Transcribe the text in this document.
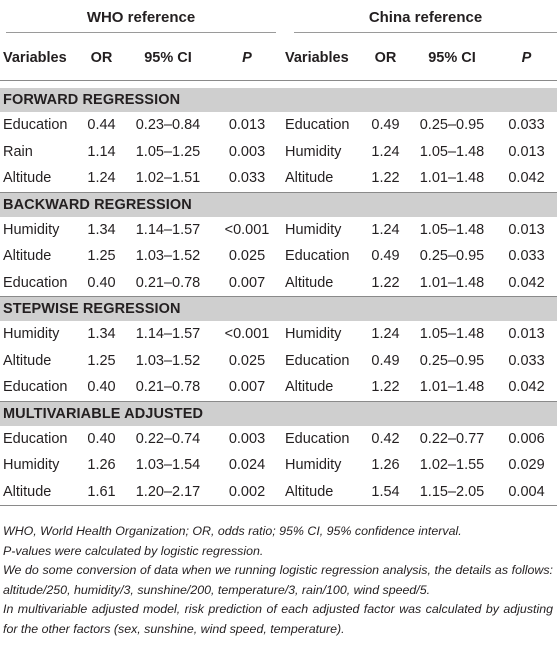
WHO reference				China reference			

Variables	OR	95% CI	P	Variables	OR	95% CI	P

FORWARD REGRESSION							
Education	0.44	0.23–0.84	0.013	Education	0.49	0.25–0.95	0.033
Rain	1.14	1.05–1.25	0.003	Humidity	1.24	1.05–1.48	0.013
Altitude	1.24	1.02–1.51	0.033	Altitude	1.22	1.01–1.48	0.042
BACKWARD REGRESSION							
Humidity	1.34	1.14–1.57	<0.001	Humidity	1.24	1.05–1.48	0.013
Altitude	1.25	1.03–1.52	0.025	Education	0.49	0.25–0.95	0.033
Education	0.40	0.21–0.78	0.007	Altitude	1.22	1.01–1.48	0.042
STEPWISE REGRESSION							
Humidity	1.34	1.14–1.57	<0.001	Humidity	1.24	1.05–1.48	0.013
Altitude	1.25	1.03–1.52	0.025	Education	0.49	0.25–0.95	0.033
Education	0.40	0.21–0.78	0.007	Altitude	1.22	1.01–1.48	0.042
MULTIVARIABLE ADJUSTED							
Education	0.40	0.22–0.74	0.003	Education	0.42	0.22–0.77	0.006
Humidity	1.26	1.03–1.54	0.024	Humidity	1.26	1.02–1.55	0.029
Altitude	1.61	1.20–2.17	0.002	Altitude	1.54	1.15–2.05	0.004

WHO, World Health Organization; OR, odds ratio; 95% CI, 95% confidence interval.

P-values were calculated by logistic regression.

We do some conversion of data when we running logistic regression analysis, the details as follows: altitude/250, humidity/3, sunshine/200, temperature/3, rain/100, wind speed/5.

In multivariable adjusted model, risk prediction of each adjusted factor was calculated by adjusting for the other factors (sex, sunshine, wind speed, temperature).
